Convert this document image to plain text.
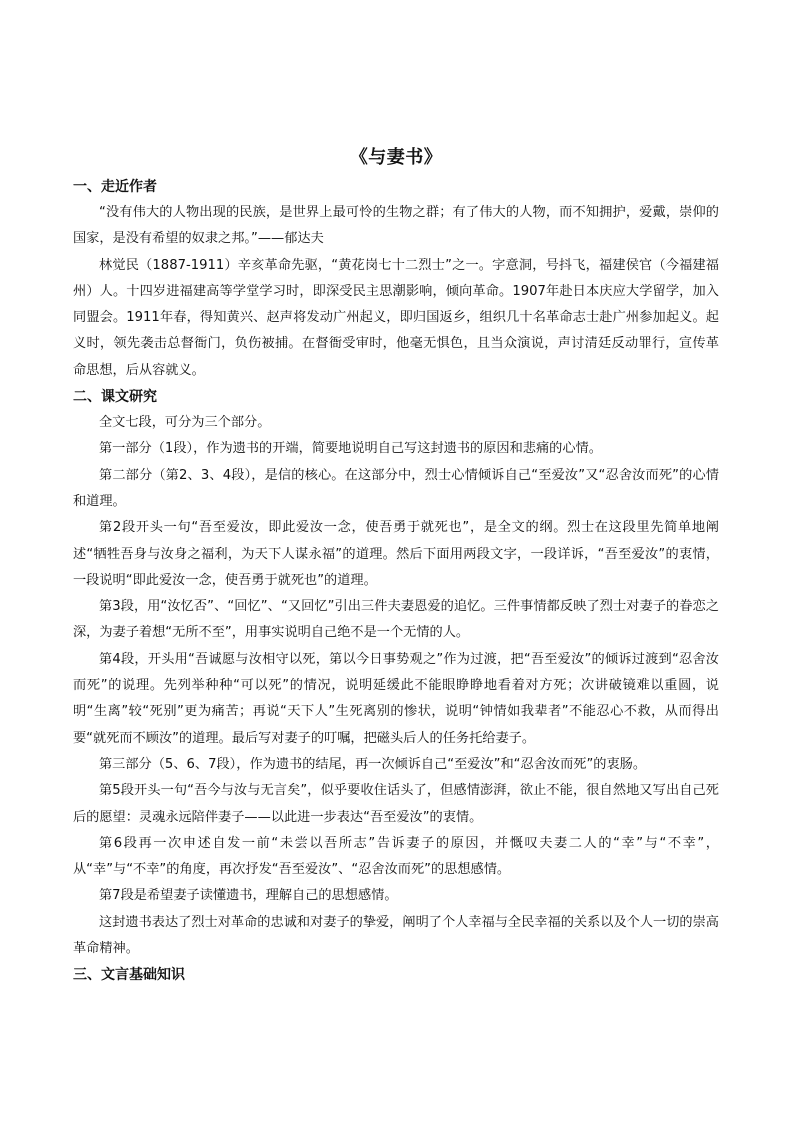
《与妻书》
一、走近作者

“没有伟大的人物出现的民族，是世界上最可怜的生物之群；有了伟大的人物，而不知拥护，爱戴，崇仰的国家，是没有希望的奴隶之邦。”——郁达夫

林觉民（1887-1911）辛亥革命先驱，“黄花岗七十二烈士”之一。字意洞，号抖飞，福建侯官（今福建福州）人。十四岁进福建高等学堂学习时，即深受民主思潮影响，倾向革命。1907年赴日本庆应大学留学，加入同盟会。1911年春，得知黄兴、赵声将发动广州起义，即归国返乡，组织几十名革命志士赴广州参加起义。起义时，领先袭击总督衙门，负伤被捕。在督衙受审时，他毫无惧色，且当众演说，声讨清廷反动罪行，宣传革命思想，后从容就义。

二、课文研究

全文七段，可分为三个部分。

第一部分（1段），作为遗书的开端，简要地说明自己写这封遗书的原因和悲痛的心情。

第二部分（第2、3、4段），是信的核心。在这部分中，烈士心情倾诉自己“至爱汝”又“忍舍汝而死”的心情和道理。

第2段开头一句“吾至爱汝，即此爱汝一念，使吾勇于就死也”，是全文的纲。烈士在这段里先简单地阐述“牺牲吾身与汝身之福利，为天下人谋永福”的道理。然后下面用两段文字，一段详诉，“吾至爱汝”的衷情，一段说明“即此爱汝一念，使吾勇于就死也”的道理。

第3段，用“汝忆否”、“回忆”、“又回忆”引出三件夫妻恩爱的追忆。三件事情都反映了烈士对妻子的眷恋之深，为妻子着想“无所不至”，用事实说明自己绝不是一个无情的人。

第4段，开头用“吾诚愿与汝相守以死，第以今日事势观之”作为过渡，把“吾至爱汝”的倾诉过渡到“忍舍汝而死”的说理。先列举种种“可以死”的情况，说明延缓此不能眼睁睁地看着对方死；次讲破镜难以重圆，说明“生离”较“死别”更为痛苦；再说“天下人”生死离别的惨状，说明“钟情如我辈者”不能忍心不救，从而得出要“就死而不顾汝”的道理。最后写对妻子的叮嘱，把磁头后人的任务托给妻子。

第三部分（5、6、7段），作为遗书的结尾，再一次倾诉自己“至爱汝”和“忍舍汝而死”的衷肠。

第5段开头一句“吾今与汝与无言矣”，似乎要收住话头了，但感情澎湃，欲止不能，很自然地又写出自己死后的愿望：灵魂永远陪伴妻子——以此进一步表达“吾至爱汝”的衷情。

第6段再一次申述自发一前“未尝以吾所志”告诉妻子的原因，并慨叹夫妻二人的“幸”与“不幸”，从“幸”与“不幸”的角度，再次抒发“吾至爱汝”、“忍舍汝而死”的思想感情。

第7段是希望妻子读懂遗书，理解自己的思想感情。

这封遗书表达了烈士对革命的忠诚和对妻子的挚爱，阐明了个人幸福与全民幸福的关系以及个人一切的崇高革命精神。

三、文言基础知识
